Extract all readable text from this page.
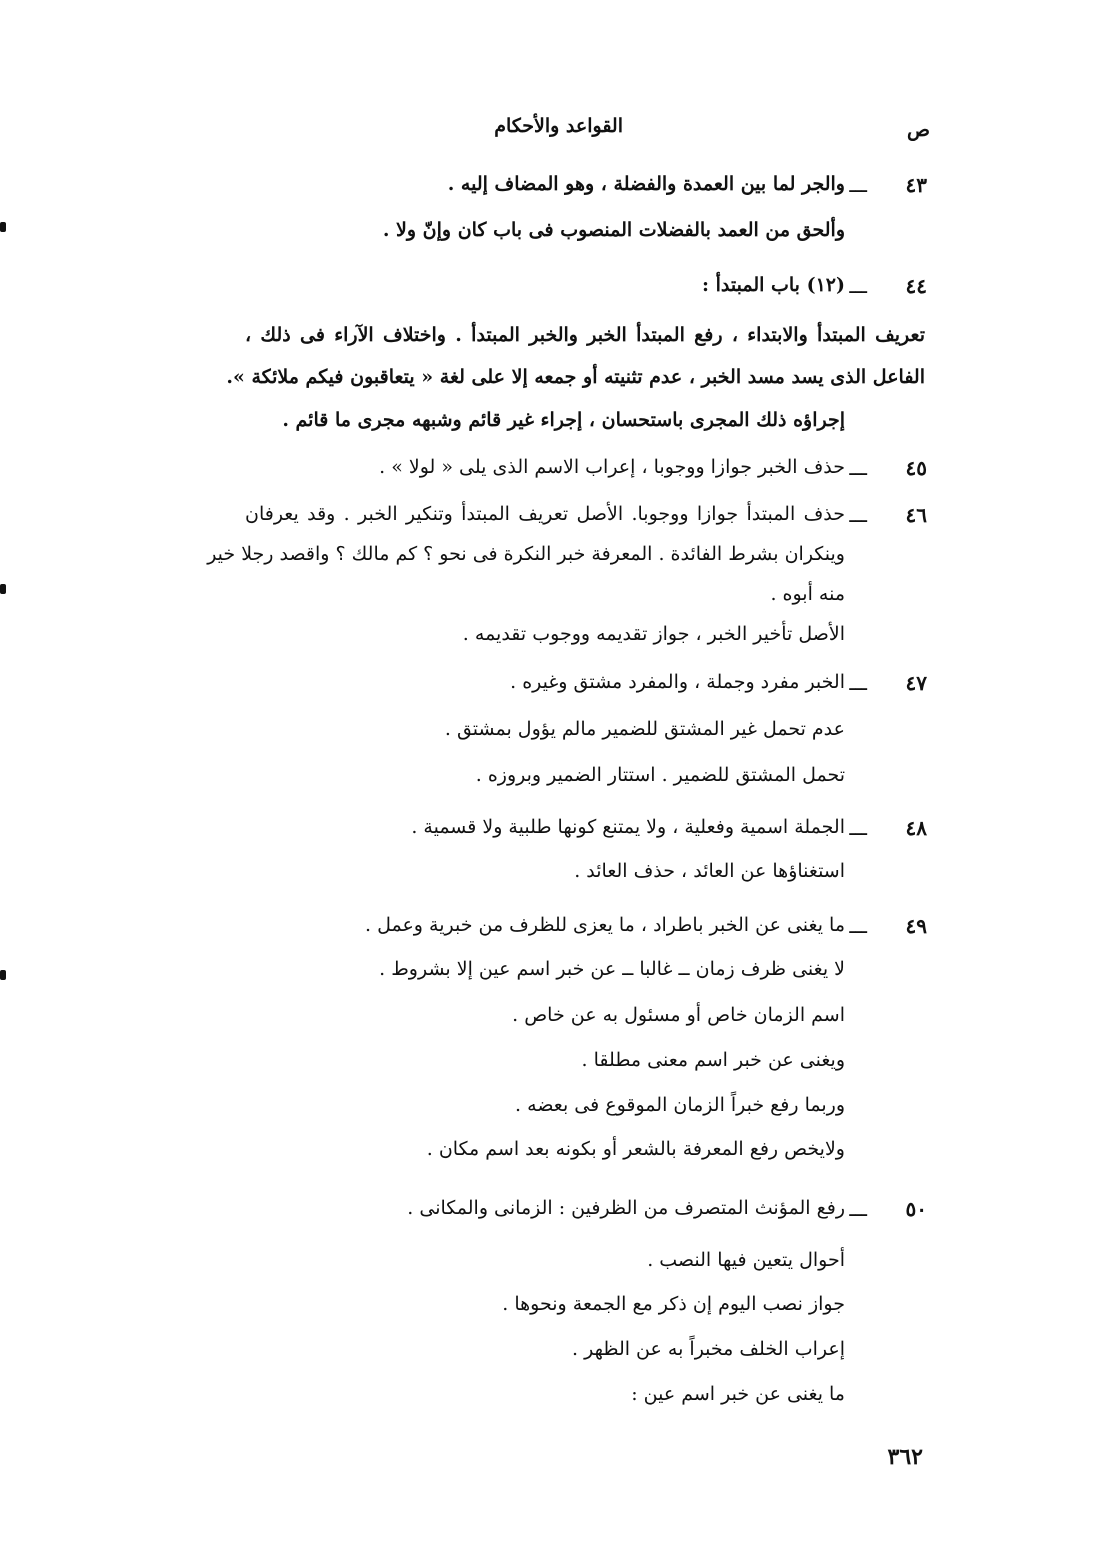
ص
القواعد والأحكام
٤٣
ـــ
والجر لما بين العمدة والفضلة ، وهو المضاف إليه .
وألحق من العمد بالفضلات المنصوب فى باب كان وإنّ ولا .
٤٤
ـــ
(١٢) باب المبتدأ :
تعريف المبتدأ والابتداء ، رفع المبتدأ الخبر والخبر المبتدأ . واختلاف الآراء فى ذلك ،
الفاعل الذى يسد مسد الخبر ، عدم تثنيته أو جمعه إلا على لغة « يتعاقبون فيكم ملائكة ».
إجراؤه ذلك المجرى باستحسان ، إجراء غير قائم وشبهه مجرى ما قائم .
٤٥
ـــ
حذف الخبر جوازا ووجوبا ، إعراب الاسم الذى يلى « لولا » .
٤٦
ـــ
حذف المبتدأ جوازا ووجوبا. الأصل تعريف المبتدأ وتنكير الخبر . وقد يعرفان
وينكران بشرط الفائدة . المعرفة خبر النكرة فى نحو ؟ كم مالك ؟ واقصد رجلا خير
منه أبوه .
الأصل تأخير الخبر ، جواز تقديمه ووجوب تقديمه .
٤٧
ـــ
الخبر مفرد وجملة ، والمفرد مشتق وغيره .
عدم تحمل غير المشتق للضمير مالم يؤول بمشتق .
تحمل المشتق للضمير . استتار الضمير وبروزه .
٤٨
ـــ
الجملة اسمية وفعلية ، ولا يمتنع كونها طلبية ولا قسمية .
استغناؤها عن العائد ، حذف العائد .
٤٩
ـــ
ما يغنى عن الخبر باطراد ، ما يعزى للظرف من خبرية وعمل .
لا يغنى ظرف زمان ــ غالبا ــ عن خبر اسم عين إلا بشروط .
اسم الزمان خاص أو مسئول به عن خاص .
ويغنى عن خبر اسم معنى مطلقا .
وربما رفع خبراً الزمان الموقوع فى بعضه .
ولايخص رفع المعرفة بالشعر أو بكونه بعد اسم مكان .
٥٠
ـــ
رفع المؤنث المتصرف من الظرفين : الزمانى والمكانى .
أحوال يتعين فيها النصب .
جواز نصب اليوم إن ذكر مع الجمعة ونحوها .
إعراب الخلف مخبراً به عن الظهر .
ما يغنى عن خبر اسم عين :
٣٦٢
